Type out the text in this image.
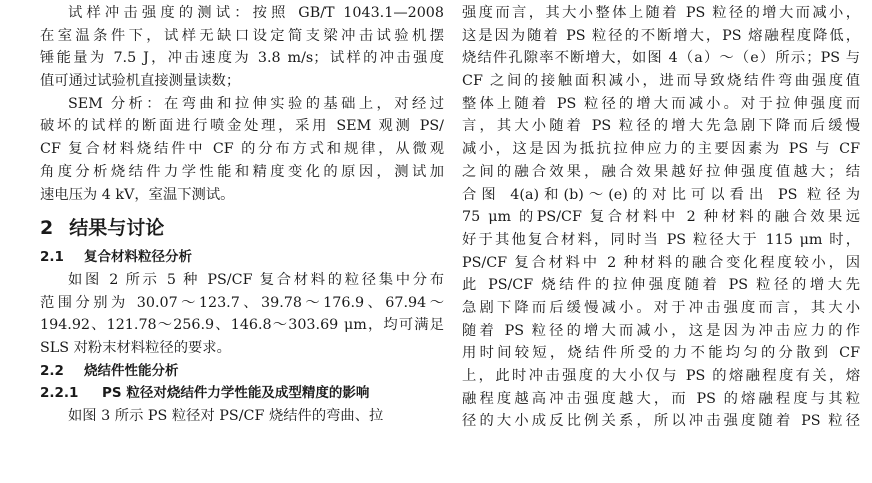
试样冲击强度的测试：按照 GB/T 1043.1—2008
在室温条件下，试样无缺口设定简支梁冲击试验机摆
锤能量为 7.5 J，冲击速度为 3.8 m/s；试样的冲击强度
值可通过试验机直接测量读数；
SEM 分析：在弯曲和拉伸实验的基础上，对经过
破坏的试样的断面进行喷金处理，采用 SEM 观测 PS/
CF 复合材料烧结件中 CF 的分布方式和规律，从微观
角度分析烧结件力学性能和精度变化的原因，测试加
速电压为 4 kV，室温下测试。
2 结果与讨论
2.1 复合材料粒径分析
如图 2 所示 5 种 PS/CF 复合材料的粒径集中分布
范围分别为 30.07～123.7、39.78～176.9、67.94～
194.92、121.78～256.9、146.8～303.69 μm，均可满足
SLS 对粉末材料粒径的要求。
2.2 烧结件性能分析
2.2.1 PS 粒径对烧结件力学性能及成型精度的影响
如图 3 所示 PS 粒径对 PS/CF 烧结件的弯曲、拉
强度而言，其大小整体上随着 PS 粒径的增大而减小，
这是因为随着 PS 粒径的不断增大，PS 熔融程度降低，
烧结件孔隙率不断增大，如图 4（a）～（e）所示；PS 与
CF 之间的接触面积减小，进而导致烧结件弯曲强度值
整体上随着 PS 粒径的增大而减小。对于拉伸强度而
言，其大小随着 PS 粒径的增大先急剧下降而后缓慢
减小，这是因为抵抗拉伸应力的主要因素为 PS 与 CF
之间的融合效果，融合效果越好拉伸强度值越大；结
合图 4(a)和(b)～(e)的对比可以看出 PS 粒径为
75 μm 的PS/CF 复合材料中 2 种材料的融合效果远
好于其他复合材料，同时当 PS 粒径大于 115 μm 时，
PS/CF 复合材料中 2 种材料的融合变化程度较小，因
此 PS/CF 烧结件的拉伸强度随着 PS 粒径的增大先
急剧下降而后缓慢减小。对于冲击强度而言，其大小
随着 PS 粒径的增大而减小，这是因为冲击应力的作
用时间较短，烧结件所受的力不能均匀的分散到 CF
上，此时冲击强度的大小仅与 PS 的熔融程度有关，熔
融程度越高冲击强度越大，而 PS 的熔融程度与其粒
径的大小成反比例关系，所以冲击强度随着 PS 粒径
